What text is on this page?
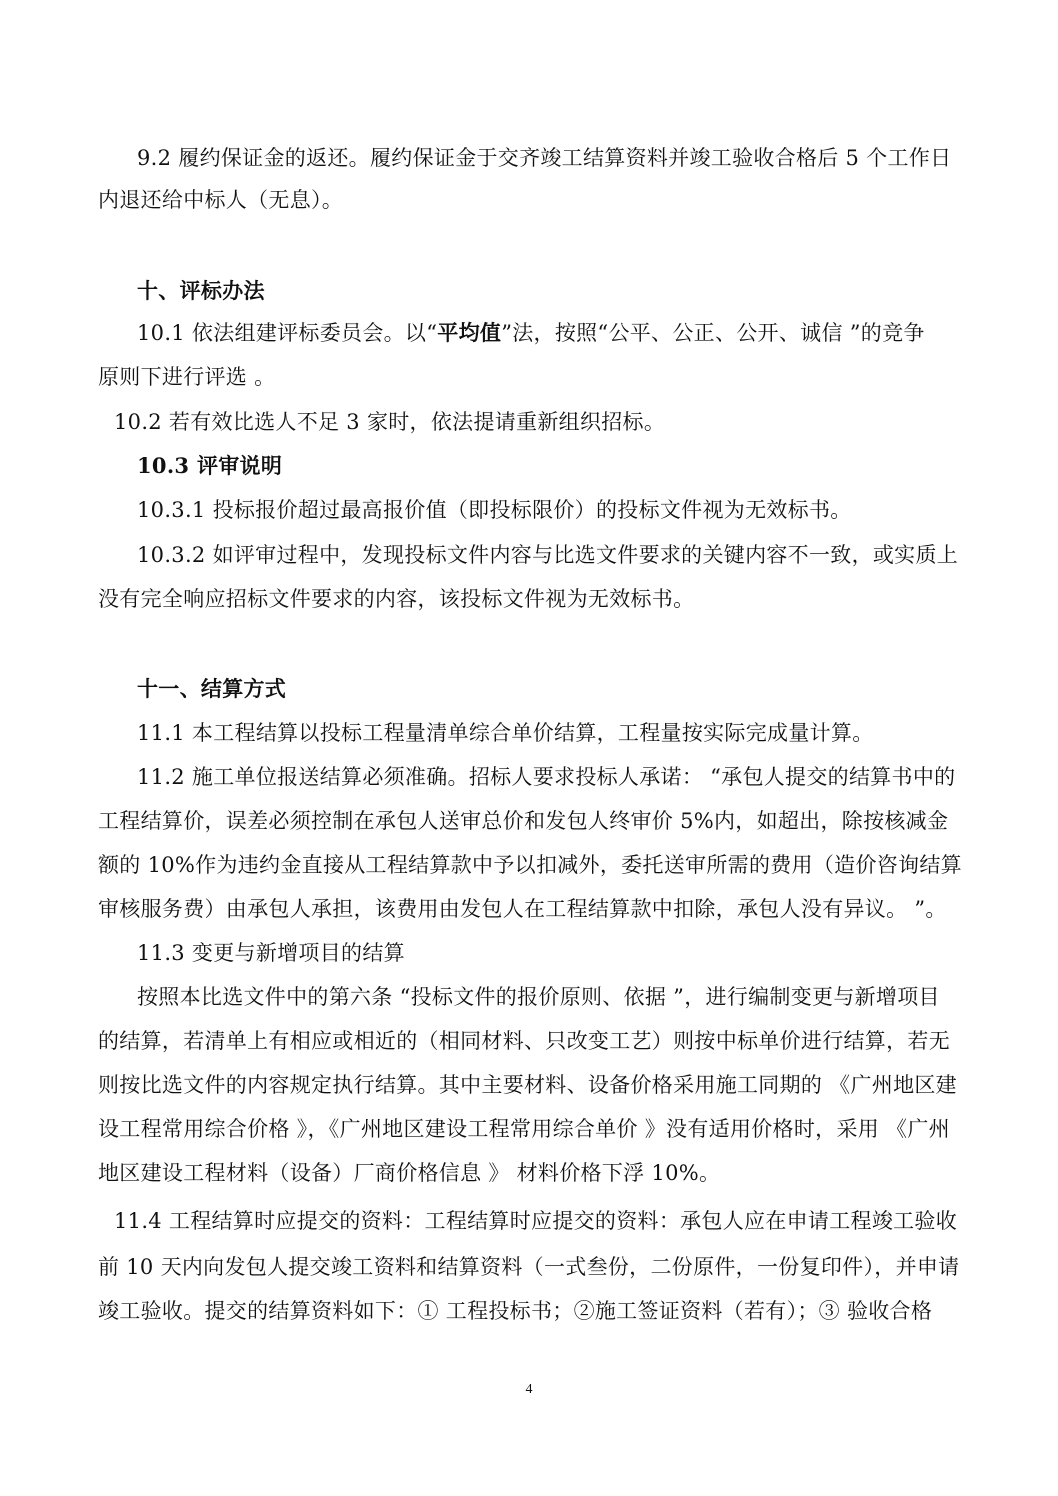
9.2 履约保证金的返还。履约保证金于交齐竣工结算资料并竣工验收合格后 5 个工作日
内退还给中标人（无息）。
十、评标办法
10.1 依法组建评标委员会。以“平均值”法，按照“公平、公正、公开、诚信 ”的竞争
原则下进行评选 。
10.2 若有效比选人不足 3 家时，依法提请重新组织招标。
10.3 评审说明
10.3.1 投标报价超过最高报价值（即投标限价）的投标文件视为无效标书。
10.3.2 如评审过程中，发现投标文件内容与比选文件要求的关键内容不一致，或实质上
没有完全响应招标文件要求的内容，该投标文件视为无效标书。
十一、结算方式
11.1 本工程结算以投标工程量清单综合单价结算，工程量按实际完成量计算。
11.2 施工单位报送结算必须准确。招标人要求投标人承诺： “承包人提交的结算书中的
工程结算价，误差必须控制在承包人送审总价和发包人终审价 5%内，如超出，除按核减金
额的 10%作为违约金直接从工程结算款中予以扣减外，委托送审所需的费用（造价咨询结算
审核服务费）由承包人承担，该费用由发包人在工程结算款中扣除，承包人没有异议。 ”。
11.3 变更与新增项目的结算
按照本比选文件中的第六条 “投标文件的报价原则、依据 ”，进行编制变更与新增项目
的结算，若清单上有相应或相近的（相同材料、只改变工艺）则按中标单价进行结算，若无
则按比选文件的内容规定执行结算。其中主要材料、设备价格采用施工同期的 《广州地区建
设工程常用综合价格 》，《广州地区建设工程常用综合单价 》没有适用价格时，采用 《广州
地区建设工程材料（设备）厂商价格信息 》 材料价格下浮 10%。
11.4 工程结算时应提交的资料：工程结算时应提交的资料：承包人应在申请工程竣工验收
前 10 天内向发包人提交竣工资料和结算资料（一式叁份，二份原件，一份复印件），并申请
竣工验收。提交的结算资料如下：① 工程投标书；②施工签证资料（若有）；③ 验收合格
4
